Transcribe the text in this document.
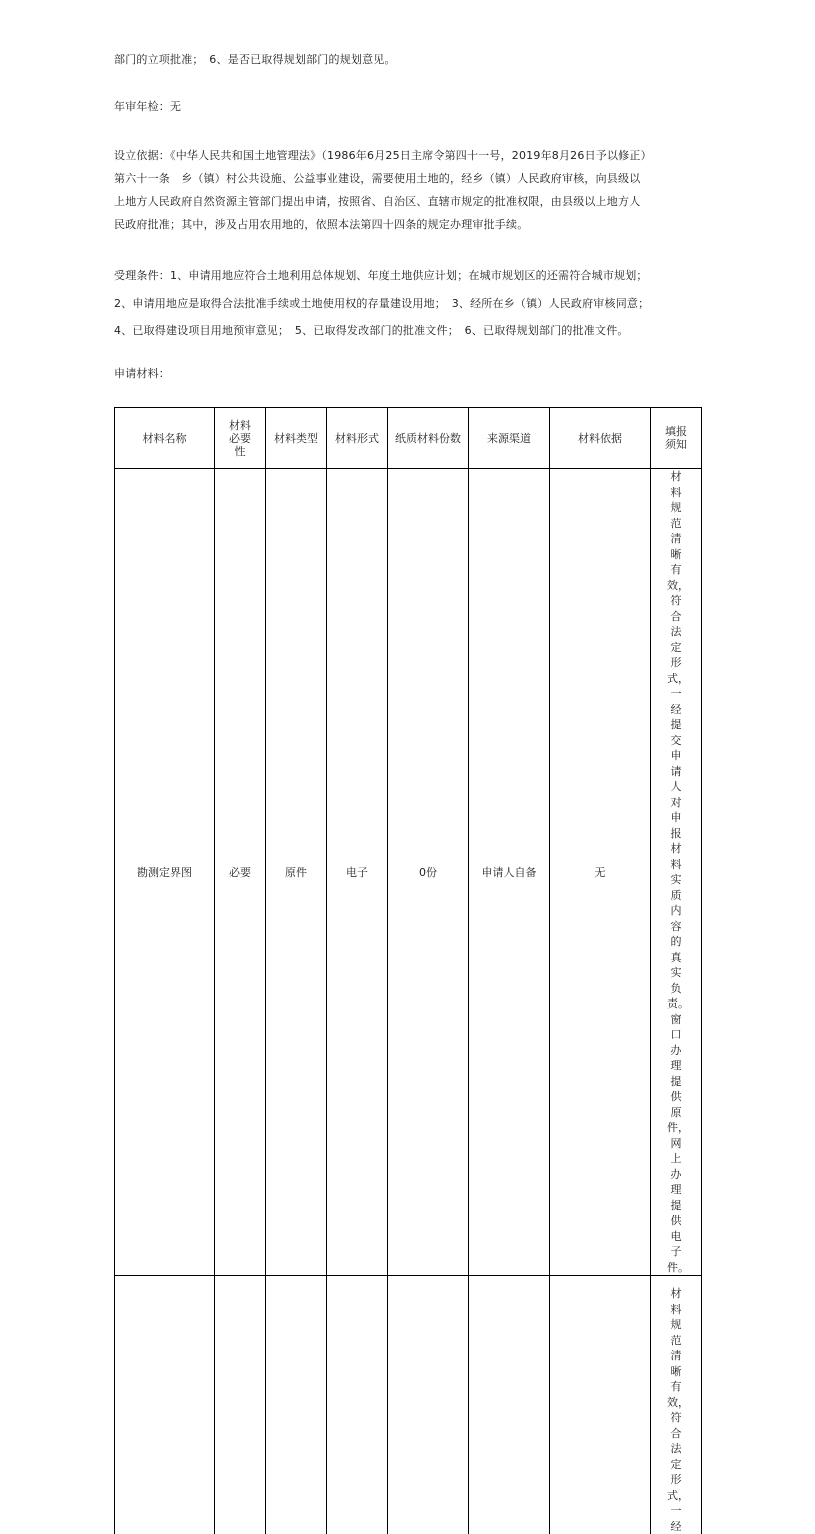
部门的立项批准；　6、是否已取得规划部门的规划意见。
年审年检：无
设立依据：《中华人民共和国土地管理法》（1986年6月25日主席令第四十一号，2019年8月26日予以修正）
第六十一条　乡（镇）村公共设施、公益事业建设，需要使用土地的，经乡（镇）人民政府审核，向县级以
上地方人民政府自然资源主管部门提出申请，按照省、自治区、直辖市规定的批准权限，由县级以上地方人
民政府批准；其中，涉及占用农用地的，依照本法第四十四条的规定办理审批手续。
受理条件：1、申请用地应符合土地利用总体规划、年度土地供应计划；在城市规划区的还需符合城市规划；
2、申请用地应是取得合法批准手续或土地使用权的存量建设用地；　3、经所在乡（镇）人民政府审核同意；
4、已取得建设项目用地预审意见；　5、已取得发改部门的批准文件；　6、已取得规划部门的批准文件。
申请材料：
材料名称	材料必要性	材料类型	材料形式	纸质材料份数	来源渠道	材料依据	填报须知
勘测定界图	必要	原件	电子	0份	申请人自备	无	材料规范清晰有效，符合法定形式，一经提交申请人对申报材料实质内容的真实负责。窗口办理提供原件，网上办理提供电子件。

							材料规范清晰有效，符合法定形式，一经
